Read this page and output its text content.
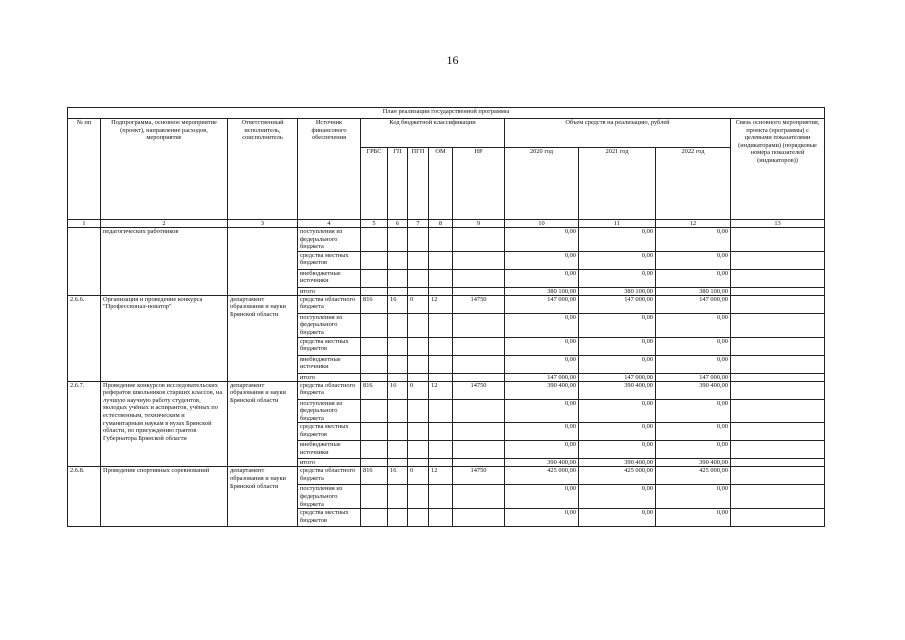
16
План реализации государственной программы												
№ пп	Подпрограмма, основное мероприятие (проект), направление расходов, мероприятие	Ответственный исполнитель, соисполнитель	Источник финансового обеспечения	Код бюджетной классификации					Объем средств на реализацию, рублей			Связь основного мероприятия, проекта (программы) с целевыми показателями (индикаторами) (порядковые номера показателей (индикаторов))
				ГРБС	ГП	ПГП	ОМ	НР	2020 год	2021 год	2022 год	
1	2	3	4	5	6	7	8	9	10	11	12	13
	педагогических работников		поступления из федерального бюджета						0,00	0,00	0,00	
			средства местных бюджетов						0,00	0,00	0,00	
			внебюджетные источники						0,00	0,00	0,00	
			итого						380 100,00	380 100,00	380 100,00	
2.6.6.	Организация и проведение конкурса "Профессионал-новатор"	департамент образования и науки Брянской области	средства областного бюджета	816	16	0	12	14750	147 000,00	147 000,00	147 000,00	
			поступления из федерального бюджета						0,00	0,00	0,00	
			средства местных бюджетов						0,00	0,00	0,00	
			внебюджетные источники						0,00	0,00	0,00	
			итого						147 000,00	147 000,00	147 000,00	
2.6.7.	Проведение конкурсов исследовательских рефератов школьников старших классов, на лучшую научную работу студентов, молодых учёных и аспирантов, учёных по естественным, техническим и гуманитарным наукам в вузах Брянской области, по присуждению грантов Губернатора Брянской области	департамент образования и науки Брянской области	средства областного бюджета	816	16	0	12	14750	390 400,00	390 400,00	390 400,00	
			поступления из федерального бюджета						0,00	0,00	0,00	
			средства местных бюджетов						0,00	0,00	0,00	
			внебюджетные источники						0,00	0,00	0,00	
			итого						390 400,00	390 400,00	390 400,00	
2.6.8.	Проведение спортивных соревнований	департамент образования и науки Брянской области	средства областного бюджета	816	16	0	12	14750	425 000,00	425 000,00	425 000,00	
			поступления из федерального бюджета						0,00	0,00	0,00	
			средства местных бюджетов						0,00	0,00	0,00	
